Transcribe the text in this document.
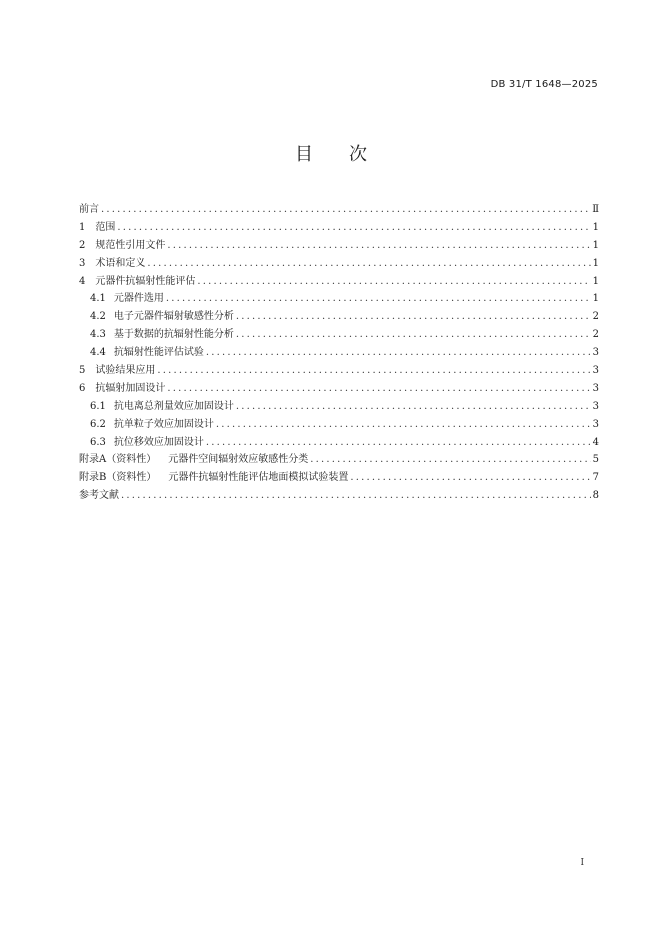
DB 31/T 1648—2025
目 次
前言 .....	Ⅱ
1 范围 .....	1
2 规范性引用文件 .....	1
3 术语和定义 .....	1
4 元器件抗辐射性能评估 .....	1
4.1 元器件选用 .....	1
4.2 电子元器件辐射敏感性分析 .....	2
4.3 基于数据的抗辐射性能分析 .....	2
4.4 抗辐射性能评估试验 .....	3
5 试验结果应用 .....	3
6 抗辐射加固设计 .....	3
6.1 抗电离总剂量效应加固设计 .....	3
6.2 抗单粒子效应加固设计 .....	3
6.3 抗位移效应加固设计 .....	4
附录A（资料性） 元器件空间辐射效应敏感性分类 .....	5
附录B（资料性） 元器件抗辐射性能评估地面模拟试验装置 .....	7
参考文献 .....	8
I
